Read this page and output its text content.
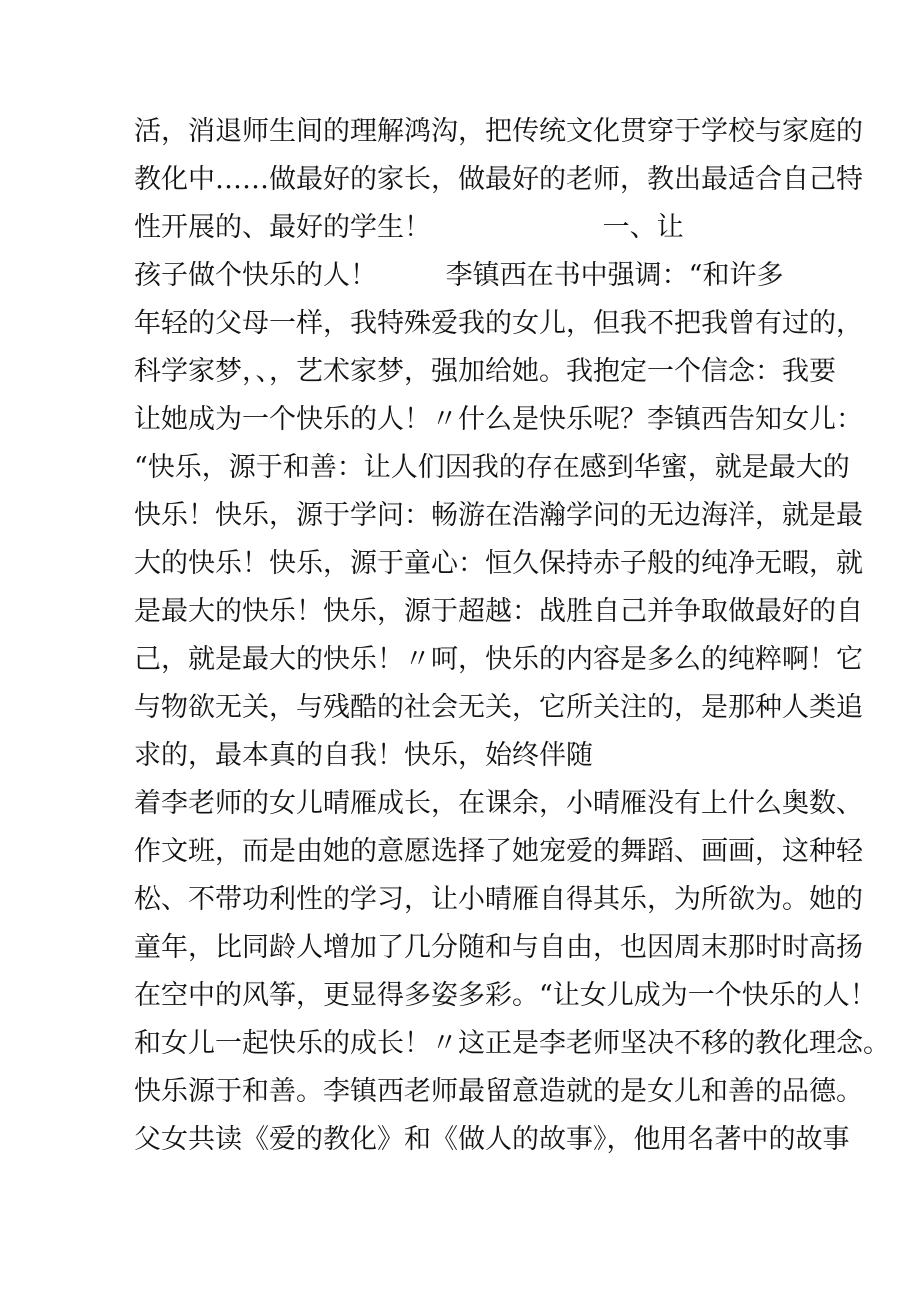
活，消退师生间的理解鸿沟，把传统文化贯穿于学校与家庭的

教化中……做最好的家长，做最好的老师，教出最适合自己特

性开展的、最好的学生！                    一、让

孩子做个快乐的人！        李镇西在书中强调：“和许多

年轻的父母一样，我特殊爱我的女儿，但我不把我曾有过的，

科学家梦，、，艺术家梦，强加给她。我抱定一个信念：我要

让她成为一个快乐的人！〃什么是快乐呢？李镇西告知女儿：

“快乐，源于和善：让人们因我的存在感到华蜜，就是最大的

快乐！快乐，源于学问：畅游在浩瀚学问的无边海洋，就是最

大的快乐！快乐，源于童心：恒久保持赤子般的纯净无暇，就

是最大的快乐！快乐，源于超越：战胜自己并争取做最好的自

己，就是最大的快乐！〃呵，快乐的内容是多么的纯粹啊！它

与物欲无关，与残酷的社会无关，它所关注的，是那种人类追

求的，最本真的自我！快乐，始终伴随

着李老师的女儿晴雁成长，在课余，小晴雁没有上什么奥数、

作文班，而是由她的意愿选择了她宠爱的舞蹈、画画，这种轻

松、不带功利性的学习，让小晴雁自得其乐，为所欲为。她的

童年，比同龄人增加了几分随和与自由，也因周末那时时高扬

在空中的风筝，更显得多姿多彩。“让女儿成为一个快乐的人！

和女儿一起快乐的成长！〃这正是李老师坚决不移的教化理念。

快乐源于和善。李镇西老师最留意造就的是女儿和善的品德。

父女共读《爱的教化》和《做人的故事》，他用名著中的故事
